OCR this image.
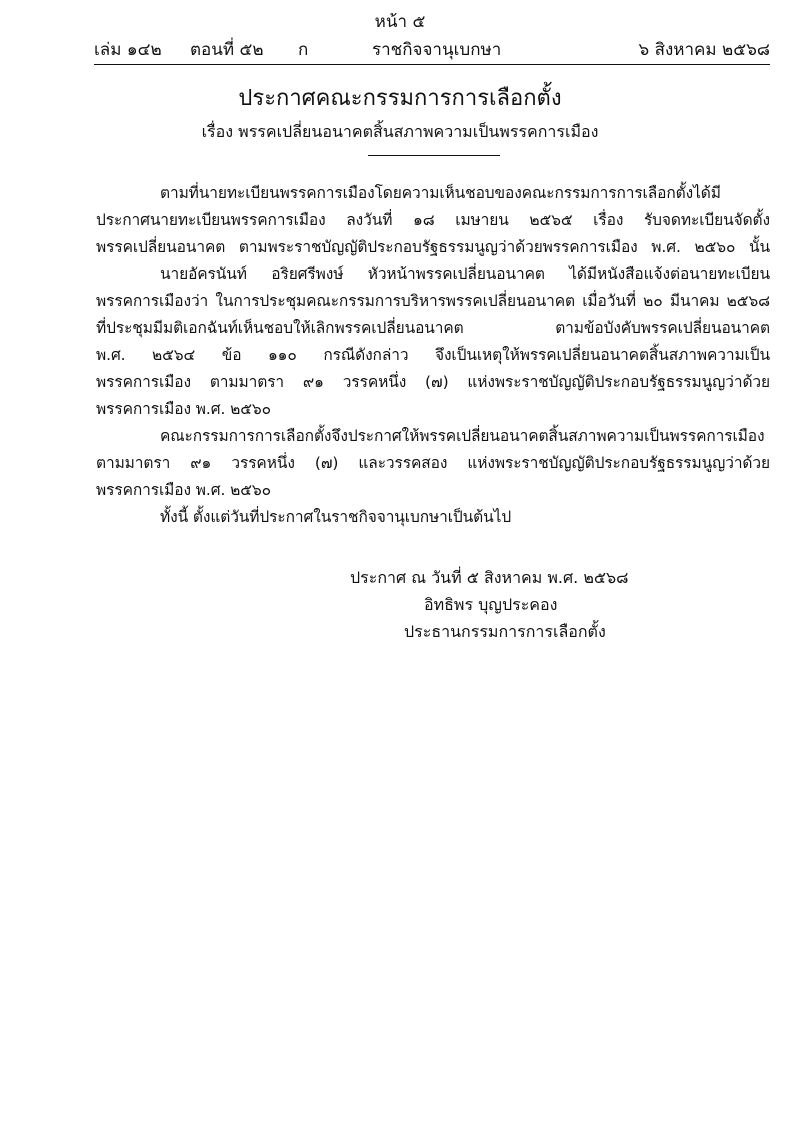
หน้า ๕
เล่ม ๑๔๒ ตอนที่ ๕๒ ก	ราชกิจจานุเบกษา	๖ สิงหาคม ๒๕๖๘
ประกาศคณะกรรมการการเลือกตั้ง
เรื่อง พรรคเปลี่ยนอนาคตสิ้นสภาพความเป็นพรรคการเมือง
ตามที่นายทะเบียนพรรคการเมืองโดยความเห็นชอบของคณะกรรมการการเลือกตั้งได้มี
ประกาศนายทะเบียนพรรคการเมือง ลงวันที่ ๑๘ เมษายน ๒๕๖๕ เรื่อง รับจดทะเบียนจัดตั้ง
พรรคเปลี่ยนอนาคต ตามพระราชบัญญัติประกอบรัฐธรรมนูญว่าด้วยพรรคการเมือง พ.ศ. ๒๕๖๐ นั้น
นายอัครนันท์ อริยศรีพงษ์ หัวหน้าพรรคเปลี่ยนอนาคต ได้มีหนังสือแจ้งต่อนายทะเบียน
พรรคการเมืองว่า ในการประชุมคณะกรรมการบริหารพรรคเปลี่ยนอนาคต เมื่อวันที่ ๒๐ มีนาคม ๒๕๖๘
ที่ประชุมมีมติเอกฉันท์เห็นชอบให้เลิกพรรคเปลี่ยนอนาคต ตามข้อบังคับพรรคเปลี่ยนอนาคต
พ.ศ. ๒๕๖๔ ข้อ ๑๑๐ กรณีดังกล่าว จึงเป็นเหตุให้พรรคเปลี่ยนอนาคตสิ้นสภาพความเป็น
พรรคการเมือง ตามมาตรา ๙๑ วรรคหนึ่ง (๗) แห่งพระราชบัญญัติประกอบรัฐธรรมนูญว่าด้วย
พรรคการเมือง พ.ศ. ๒๕๖๐
คณะกรรมการการเลือกตั้งจึงประกาศให้พรรคเปลี่ยนอนาคตสิ้นสภาพความเป็นพรรคการเมือง
ตามมาตรา ๙๑ วรรคหนึ่ง (๗) และวรรคสอง แห่งพระราชบัญญัติประกอบรัฐธรรมนูญว่าด้วย
พรรคการเมือง พ.ศ. ๒๕๖๐
ทั้งนี้ ตั้งแต่วันที่ประกาศในราชกิจจานุเบกษาเป็นต้นไป
ประกาศ ณ วันที่ ๕ สิงหาคม พ.ศ. ๒๕๖๘
อิทธิพร บุญประคอง
ประธานกรรมการการเลือกตั้ง
